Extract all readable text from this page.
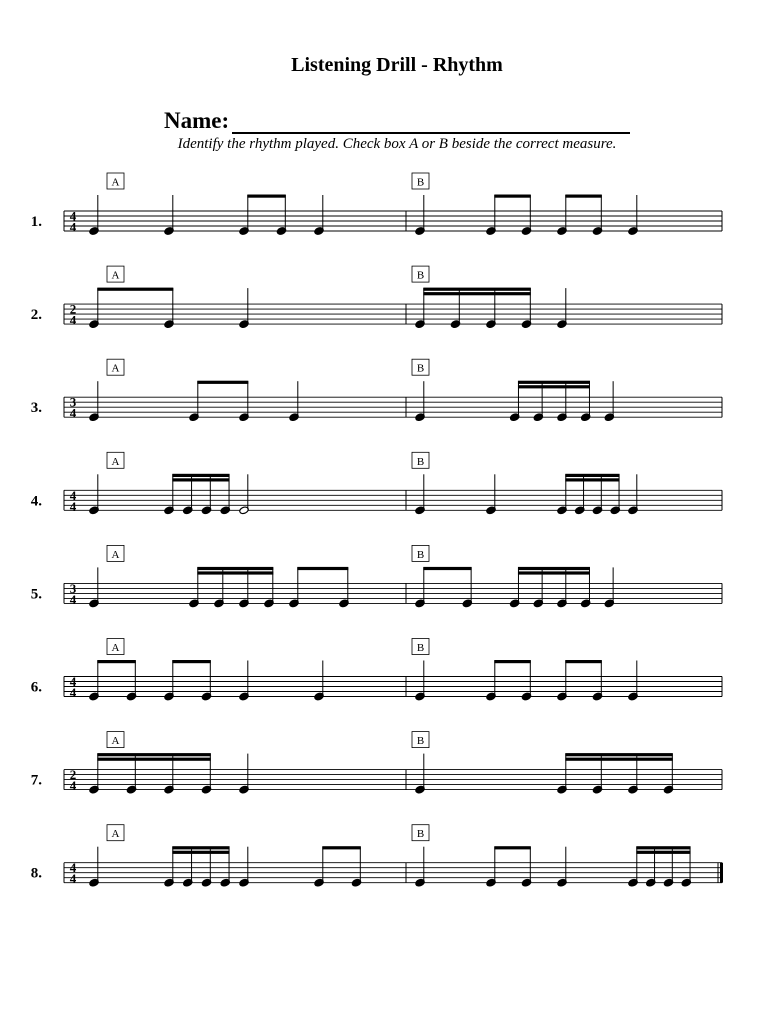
Listening Drill - Rhythm
Name:
Identify the rhythm played. Check box A or B beside the correct measure.
1. 4
4
A	B
2. 2
4
A	B
3. 3
4
A	B
4. 4
4
A	B
5. 3
4
A	B
6. 4
4
A	B
7. 2
4
A	B
8. 4
4
A	B
